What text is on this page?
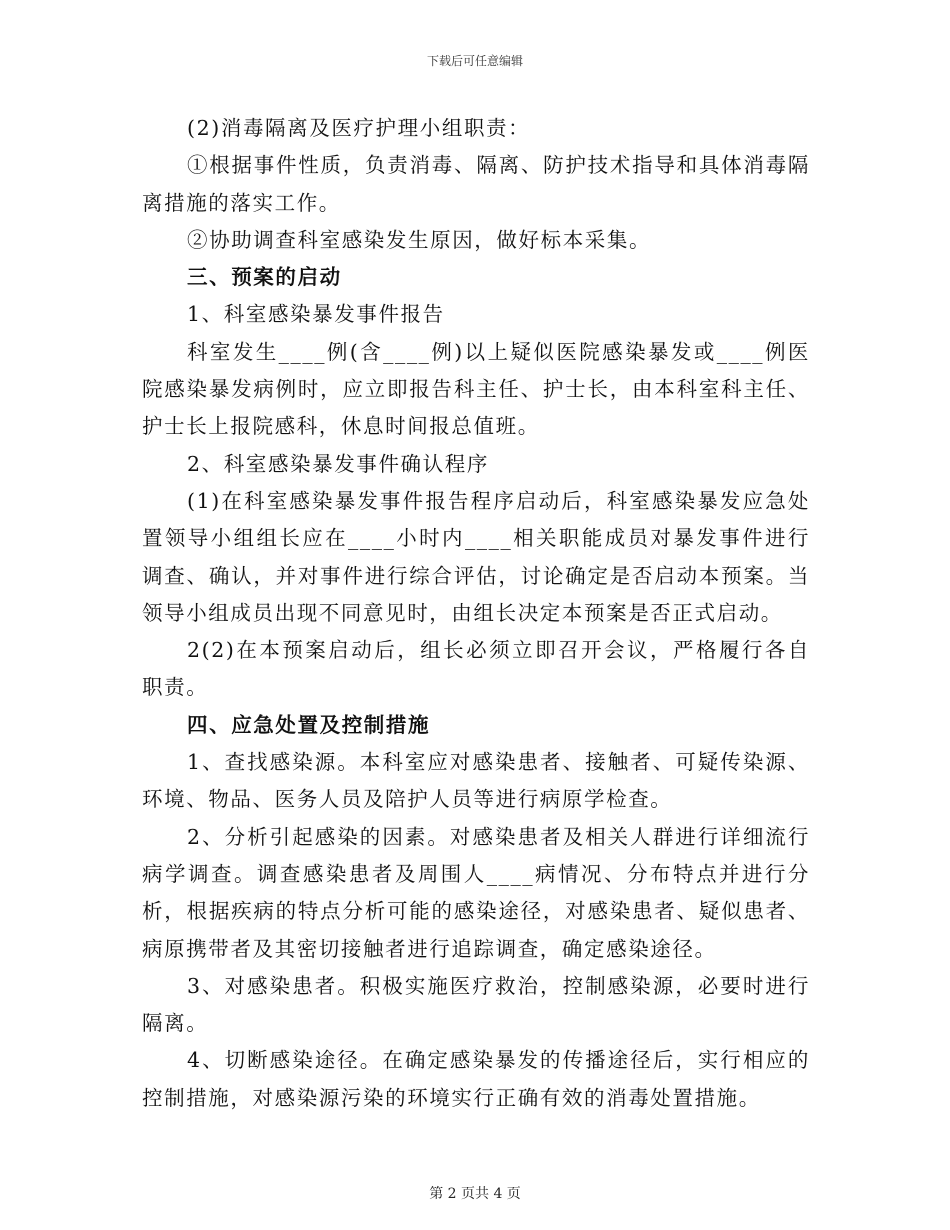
下载后可任意编辑

(2)消毒隔离及医疗护理小组职责：

①根据事件性质，负责消毒、隔离、防护技术指导和具体消毒隔离措施的落实工作。

②协助调查科室感染发生原因，做好标本采集。

三、预案的启动

1、科室感染暴发事件报告

科室发生____例(含____例)以上疑似医院感染暴发或____例医院感染暴发病例时，应立即报告科主任、护士长，由本科室科主任、护士长上报院感科，休息时间报总值班。

2、科室感染暴发事件确认程序

(1)在科室感染暴发事件报告程序启动后，科室感染暴发应急处置领导小组组长应在____小时内____相关职能成员对暴发事件进行调查、确认，并对事件进行综合评估，讨论确定是否启动本预案。当领导小组成员出现不同意见时，由组长决定本预案是否正式启动。

2(2)在本预案启动后，组长必须立即召开会议，严格履行各自职责。

四、应急处置及控制措施

1、查找感染源。本科室应对感染患者、接触者、可疑传染源、环境、物品、医务人员及陪护人员等进行病原学检查。

2、分析引起感染的因素。对感染患者及相关人群进行详细流行病学调查。调查感染患者及周围人____病情况、分布特点并进行分析，根据疾病的特点分析可能的感染途径，对感染患者、疑似患者、病原携带者及其密切接触者进行追踪调查，确定感染途径。

3、对感染患者。积极实施医疗救治，控制感染源，必要时进行隔离。

4、切断感染途径。在确定感染暴发的传播途径后，实行相应的控制措施，对感染源污染的环境实行正确有效的消毒处置措施。

第 2 页共 4 页
